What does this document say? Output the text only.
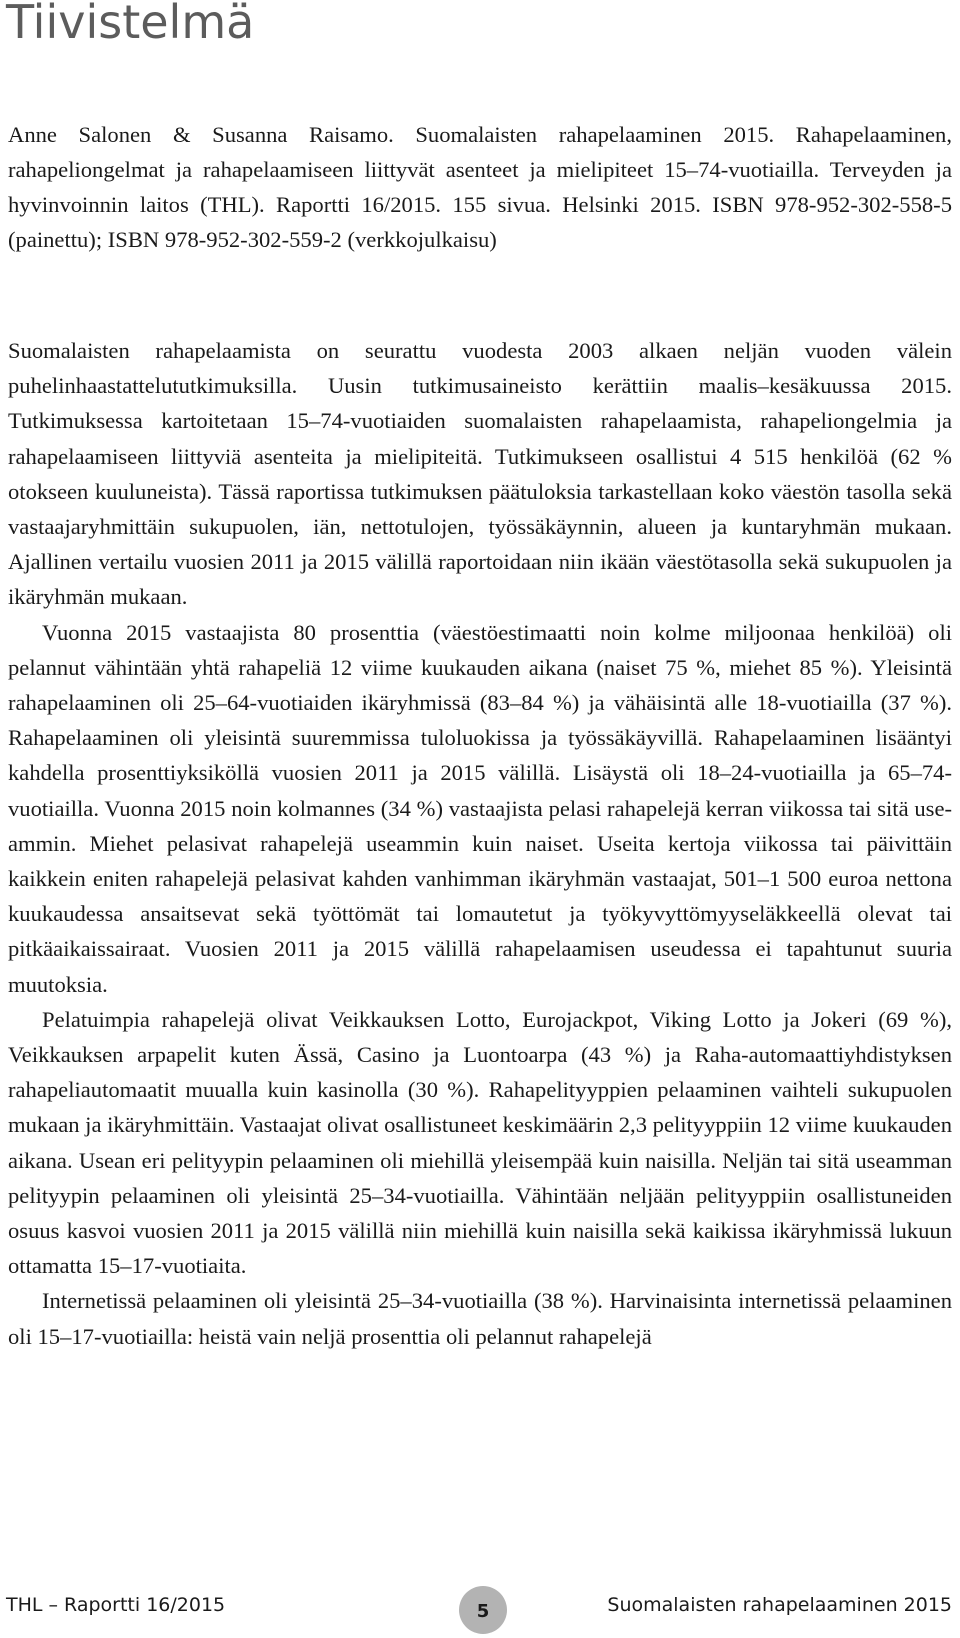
Tiivistelmä

Anne Salonen & Susanna Raisamo. Suomalaisten rahapelaaminen 2015. Rahapelaaminen, rahapeliongelmat ja rahapelaamiseen liittyvät asenteet ja mielipiteet 15–74-vuotiailla. Terveyden ja hyvinvoinnin laitos (THL). Raportti 16/2015. 155 sivua. Helsinki 2015. ISBN 978-952-302-558-5 (painettu); ISBN 978-952-302-559-2 (verkkojulkaisu)

Suomalaisten rahapelaamista on seurattu vuodesta 2003 alkaen neljän vuoden välein puhelinhaastattelututkimuksilla. Uusin tutkimusaineisto kerättiin maalis–kesäkuussa 2015. Tutkimuksessa kartoitetaan 15–74-vuotiaiden suomalaisten rahapelaamista, rahapeliongelmia ja rahapelaamiseen liittyviä asenteita ja mielipiteitä. Tutkimukseen osallistui 4 515 henkilöä (62 % otokseen kuuluneista). Tässä raportissa tutkimuksen päätuloksia tarkastellaan koko väestön tasolla sekä vastaajaryhmittäin sukupuolen, iän, nettotulojen, työssäkäynnin, alueen ja kuntaryhmän mukaan. Ajallinen vertailu vuosien 2011 ja 2015 välillä raportoidaan niin ikään väestötasolla sekä sukupuolen ja ikäryhmän mukaan.

Vuonna 2015 vastaajista 80 prosenttia (väestöestimaatti noin kolme miljoonaa henkilöä) oli pelannut vähintään yhtä rahapeliä 12 viime kuukauden aikana (naiset 75 %, miehet 85 %). Yleisintä rahapelaaminen oli 25–64-vuotiaiden ikäryhmissä (83–84 %) ja vähäisintä alle 18-vuotiailla (37 %). Rahapelaaminen oli yleisintä suuremmissa tuloluokissa ja työssäkäyvillä. Rahapelaaminen lisääntyi kahdella prosenttiyksiköllä vuosien 2011 ja 2015 välillä. Lisäystä oli 18–24-vuotiailla ja 65–74-vuotiailla. Vuonna 2015 noin kolmannes (34 %) vastaajista pelasi rahapelejä kerran viikossa tai sitä useammin. Miehet pelasivat rahapelejä useammin kuin naiset. Useita kertoja viikossa tai päivittäin kaikkein eniten rahapelejä pelasivat kahden vanhimman ikäryhmän vastaajat, 501–1 500 euroa nettona kuukaudessa ansaitsevat sekä työttömät tai lomautetut ja työkyvyttömyyseläkkeellä olevat tai pitkäaikaissairaat. Vuosien 2011 ja 2015 välillä rahapelaamisen useudessa ei tapahtunut suuria muutoksia.

Pelatuimpia rahapelejä olivat Veikkauksen Lotto, Eurojackpot, Viking Lotto ja Jokeri (69 %), Veikkauksen arpapelit kuten Ässä, Casino ja Luontoarpa (43 %) ja Raha-automaattiyhdistyksen rahapeliautomaatit muualla kuin kasinolla (30 %). Rahapelityyppien pelaaminen vaihteli sukupuolen mukaan ja ikäryhmittäin. Vastaajat olivat osallistuneet keskimäärin 2,3 pelityyppiin 12 viime kuukauden aikana. Usean eri pelityypin pelaaminen oli miehillä yleisempää kuin naisilla. Neljän tai sitä useamman pelityypin pelaaminen oli yleisintä 25–34-vuotiailla. Vähintään neljään pelityyppiin osallistuneiden osuus kasvoi vuosien 2011 ja 2015 välillä niin miehillä kuin naisilla sekä kaikissa ikäryhmissä lukuun ottamatta 15–17-vuotiaita.

Internetissä pelaaminen oli yleisintä 25–34-vuotiailla (38 %). Harvinaisinta internetissä pelaaminen oli 15–17-vuotiailla: heistä vain neljä prosenttia oli pelannut rahapelejä

THL – Raportti 16/2015	5	Suomalaisten rahapelaaminen 2015
